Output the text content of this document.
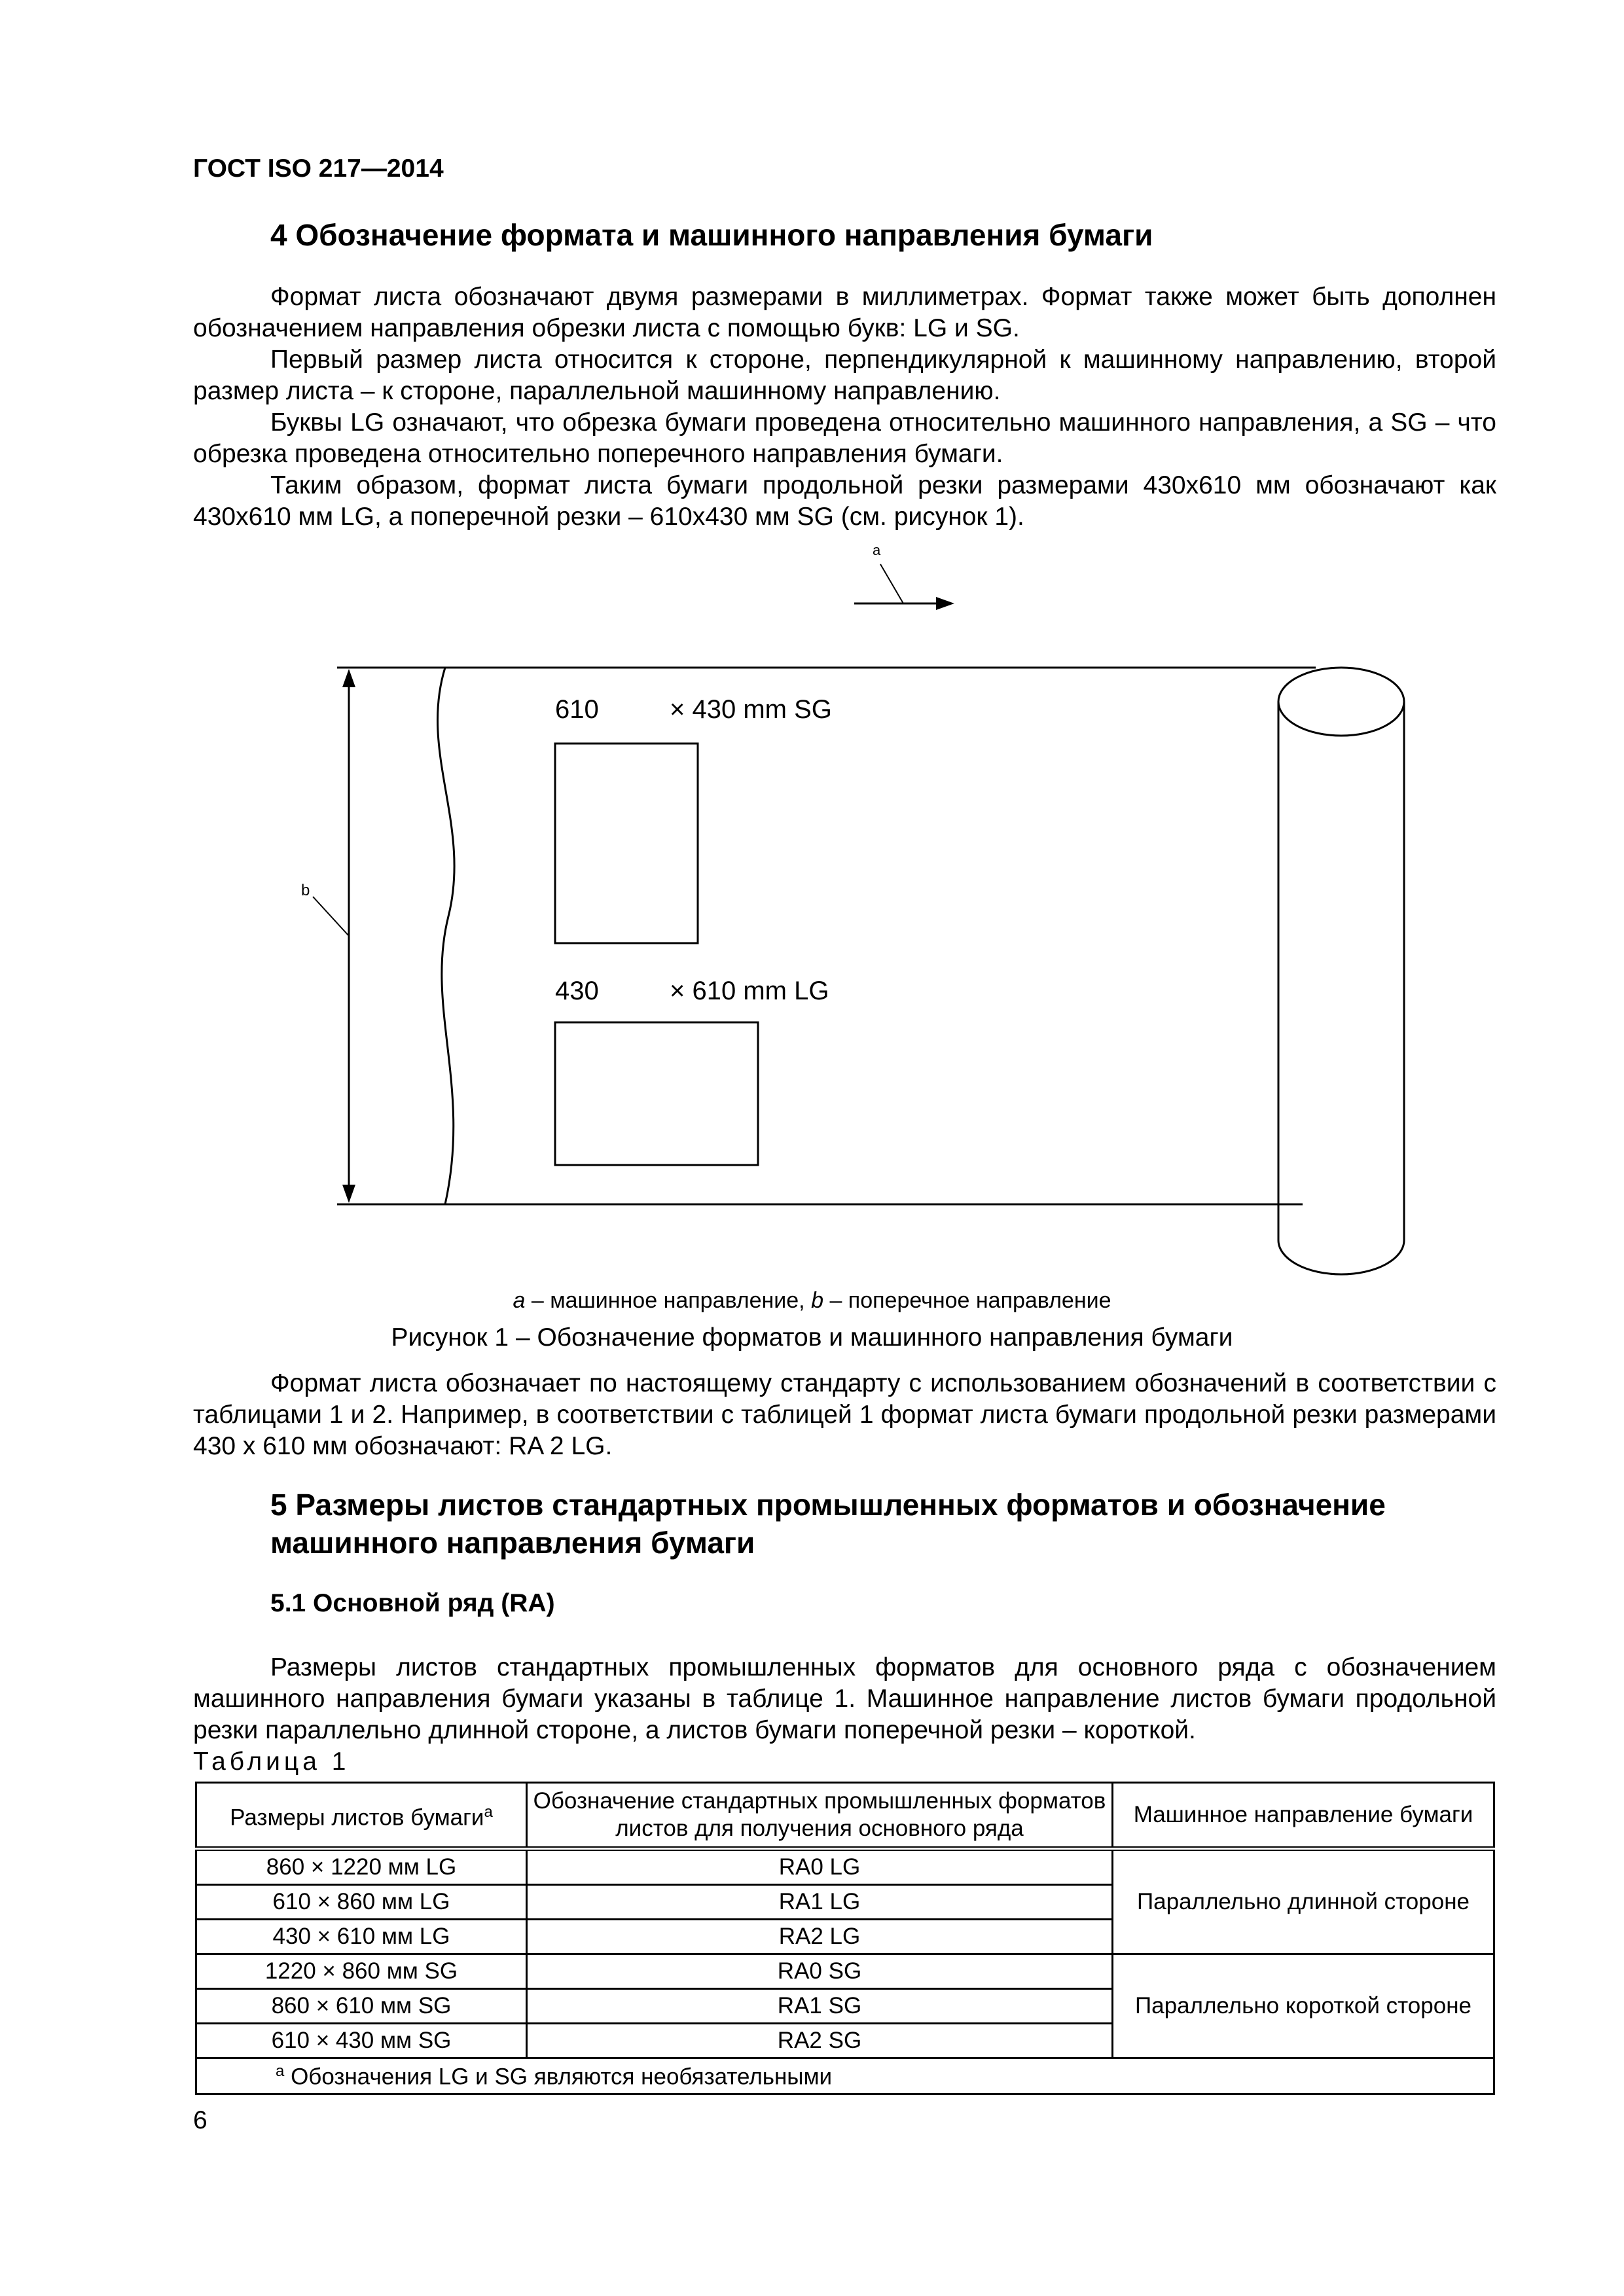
ГОСТ ISO 217—2014
4 Обозначение формата и машинного направления бумаги
Формат листа обозначают двумя размерами в миллиметрах. Формат также может быть дополнен обозначением направления обрезки листа с помощью букв: LG и SG.
Первый размер листа относится к стороне, перпендикулярной к машинному направлению, второй размер листа – к стороне, параллельной машинному направлению.
Буквы LG означают, что обрезка бумаги проведена относительно машинного направления, а SG – что обрезка проведена относительно поперечного направления бумаги.
Таким образом, формат листа бумаги продольной резки размерами 430x610 мм обозначают как 430x610 мм LG, а поперечной резки – 610x430 мм SG (см. рисунок 1).
a
b
610	× 430 mm SG
430	× 610 mm LG
a – машинное направление, b – поперечное направление
Рисунок 1 – Обозначение форматов и машинного направления бумаги
Формат листа обозначает по настоящему стандарту с использованием обозначений в соответствии с таблицами 1 и 2. Например, в соответствии с таблицей 1 формат листа бумаги продольной резки размерами 430 x 610 мм обозначают: RA 2 LG.
5 Размеры листов стандартных промышленных форматов и обозначение
машинного направления бумаги
5.1 Основной ряд (RA)
Размеры листов стандартных промышленных форматов для основного ряда с обозначением машинного направления бумаги указаны в таблице 1. Машинное направление листов бумаги продольной резки параллельно длинной стороне, а листов бумаги поперечной резки – короткой.
Таблица 1
Размеры листов бумаги$^a$	Обозначение стандартных промышленных форматов листов для получения основного ряда	Машинное направление бумаги
860 × 1220 мм LG	RA0 LG	Параллельно длинной стороне
610 × 860 мм LG	RA1 LG	
430 × 610 мм LG	RA2 LG	
1220 × 860 мм SG	RA0 SG	Параллельно короткой стороне
860 × 610 мм SG	RA1 SG	
610 × 430 мм SG	RA2 SG	
$^a$ Обозначения LG и SG являются необязательными		
6
